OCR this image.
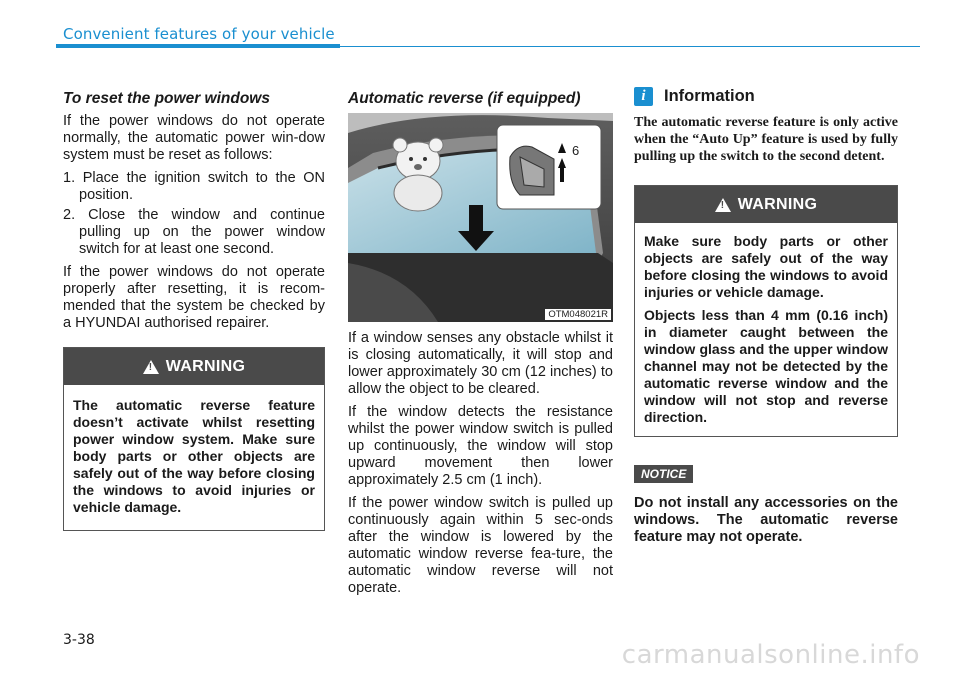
Convenient features of your vehicle
To reset the power windows

If the power windows do not operate normally, the automatic power win-dow system must be reset as follows:

1. Place the ignition switch to the ON position.
2. Close the window and continue pulling up on the power window switch for at least one second.

If the power windows do not operate properly after resetting, it is recom-mended that the system be checked by a HYUNDAI authorised repairer.

! WARNING

The automatic reverse feature doesn’t activate whilst resetting power window system. Make sure body parts or other objects are safely out of the way before closing the windows to avoid injuries or vehicle damage.

Automatic reverse (if equipped)
6
OTM048021R

If a window senses any obstacle whilst it is closing automatically, it will stop and lower approximately 30 cm (12 inches) to allow the object to be cleared.

If the window detects the resistance whilst the power window switch is pulled up continuously, the window will stop upward movement then lower approximately 2.5 cm (1 inch).

If the power window switch is pulled up continuously again within 5 sec-onds after the window is lowered by the automatic window reverse fea-ture, the automatic window reverse will not operate.

i	Information

The automatic reverse feature is only active when the “Auto Up” feature is used by fully pulling up the switch to the second detent.

! WARNING

Make sure body parts or other objects are safely out of the way before closing the windows to avoid injuries or vehicle damage.

Objects less than 4 mm (0.16 inch) in diameter caught between the window glass and the upper window channel may not be detected by the automatic reverse window and the window will not stop and reverse direction.

NOTICE
Do not install any accessories on the windows. The automatic reverse feature may not operate.
3-38	carmanualsonline.info
